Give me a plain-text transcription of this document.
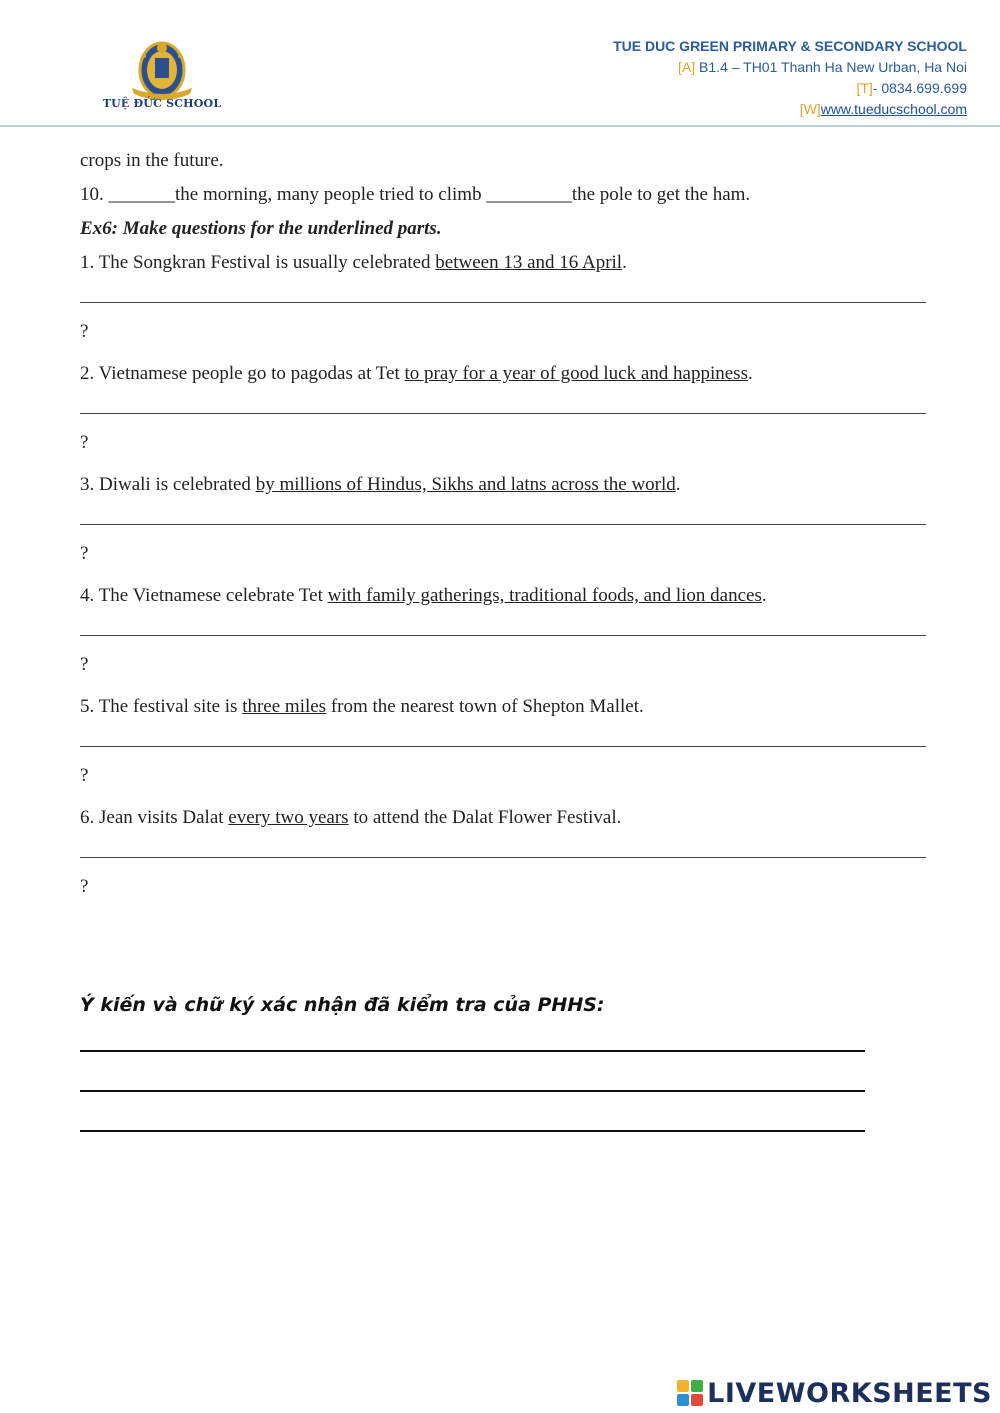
TUỆ ĐỨC SCHOOL
TUE DUC GREEN PRIMARY & SECONDARY SCHOOL
[A] B1.4 – TH01 Thanh Ha New Urban, Ha Noi
[T]- 0834.699.699
[W]www.tueducschool.com
crops in the future.
10. _______the morning, many people tried to climb _________the pole to get the ham.
Ex6: Make questions for the underlined parts.
1. The Songkran Festival is usually celebrated between 13 and 16 April.
?
2. Vietnamese people go to pagodas at Tet to pray for a year of good luck and happiness.
?
3. Diwali is celebrated by millions of Hindus, Sikhs and latns across the world.
?
4. The Vietnamese celebrate Tet with family gatherings, traditional foods, and lion dances.
?
5. The festival site is three miles from the nearest town of Shepton Mallet.
?
6. Jean visits Dalat every two years to attend the Dalat Flower Festival.
?
Ý kiến và chữ ký xác nhận đã kiểm tra của PHHS:
LIVEWORKSHEETS
